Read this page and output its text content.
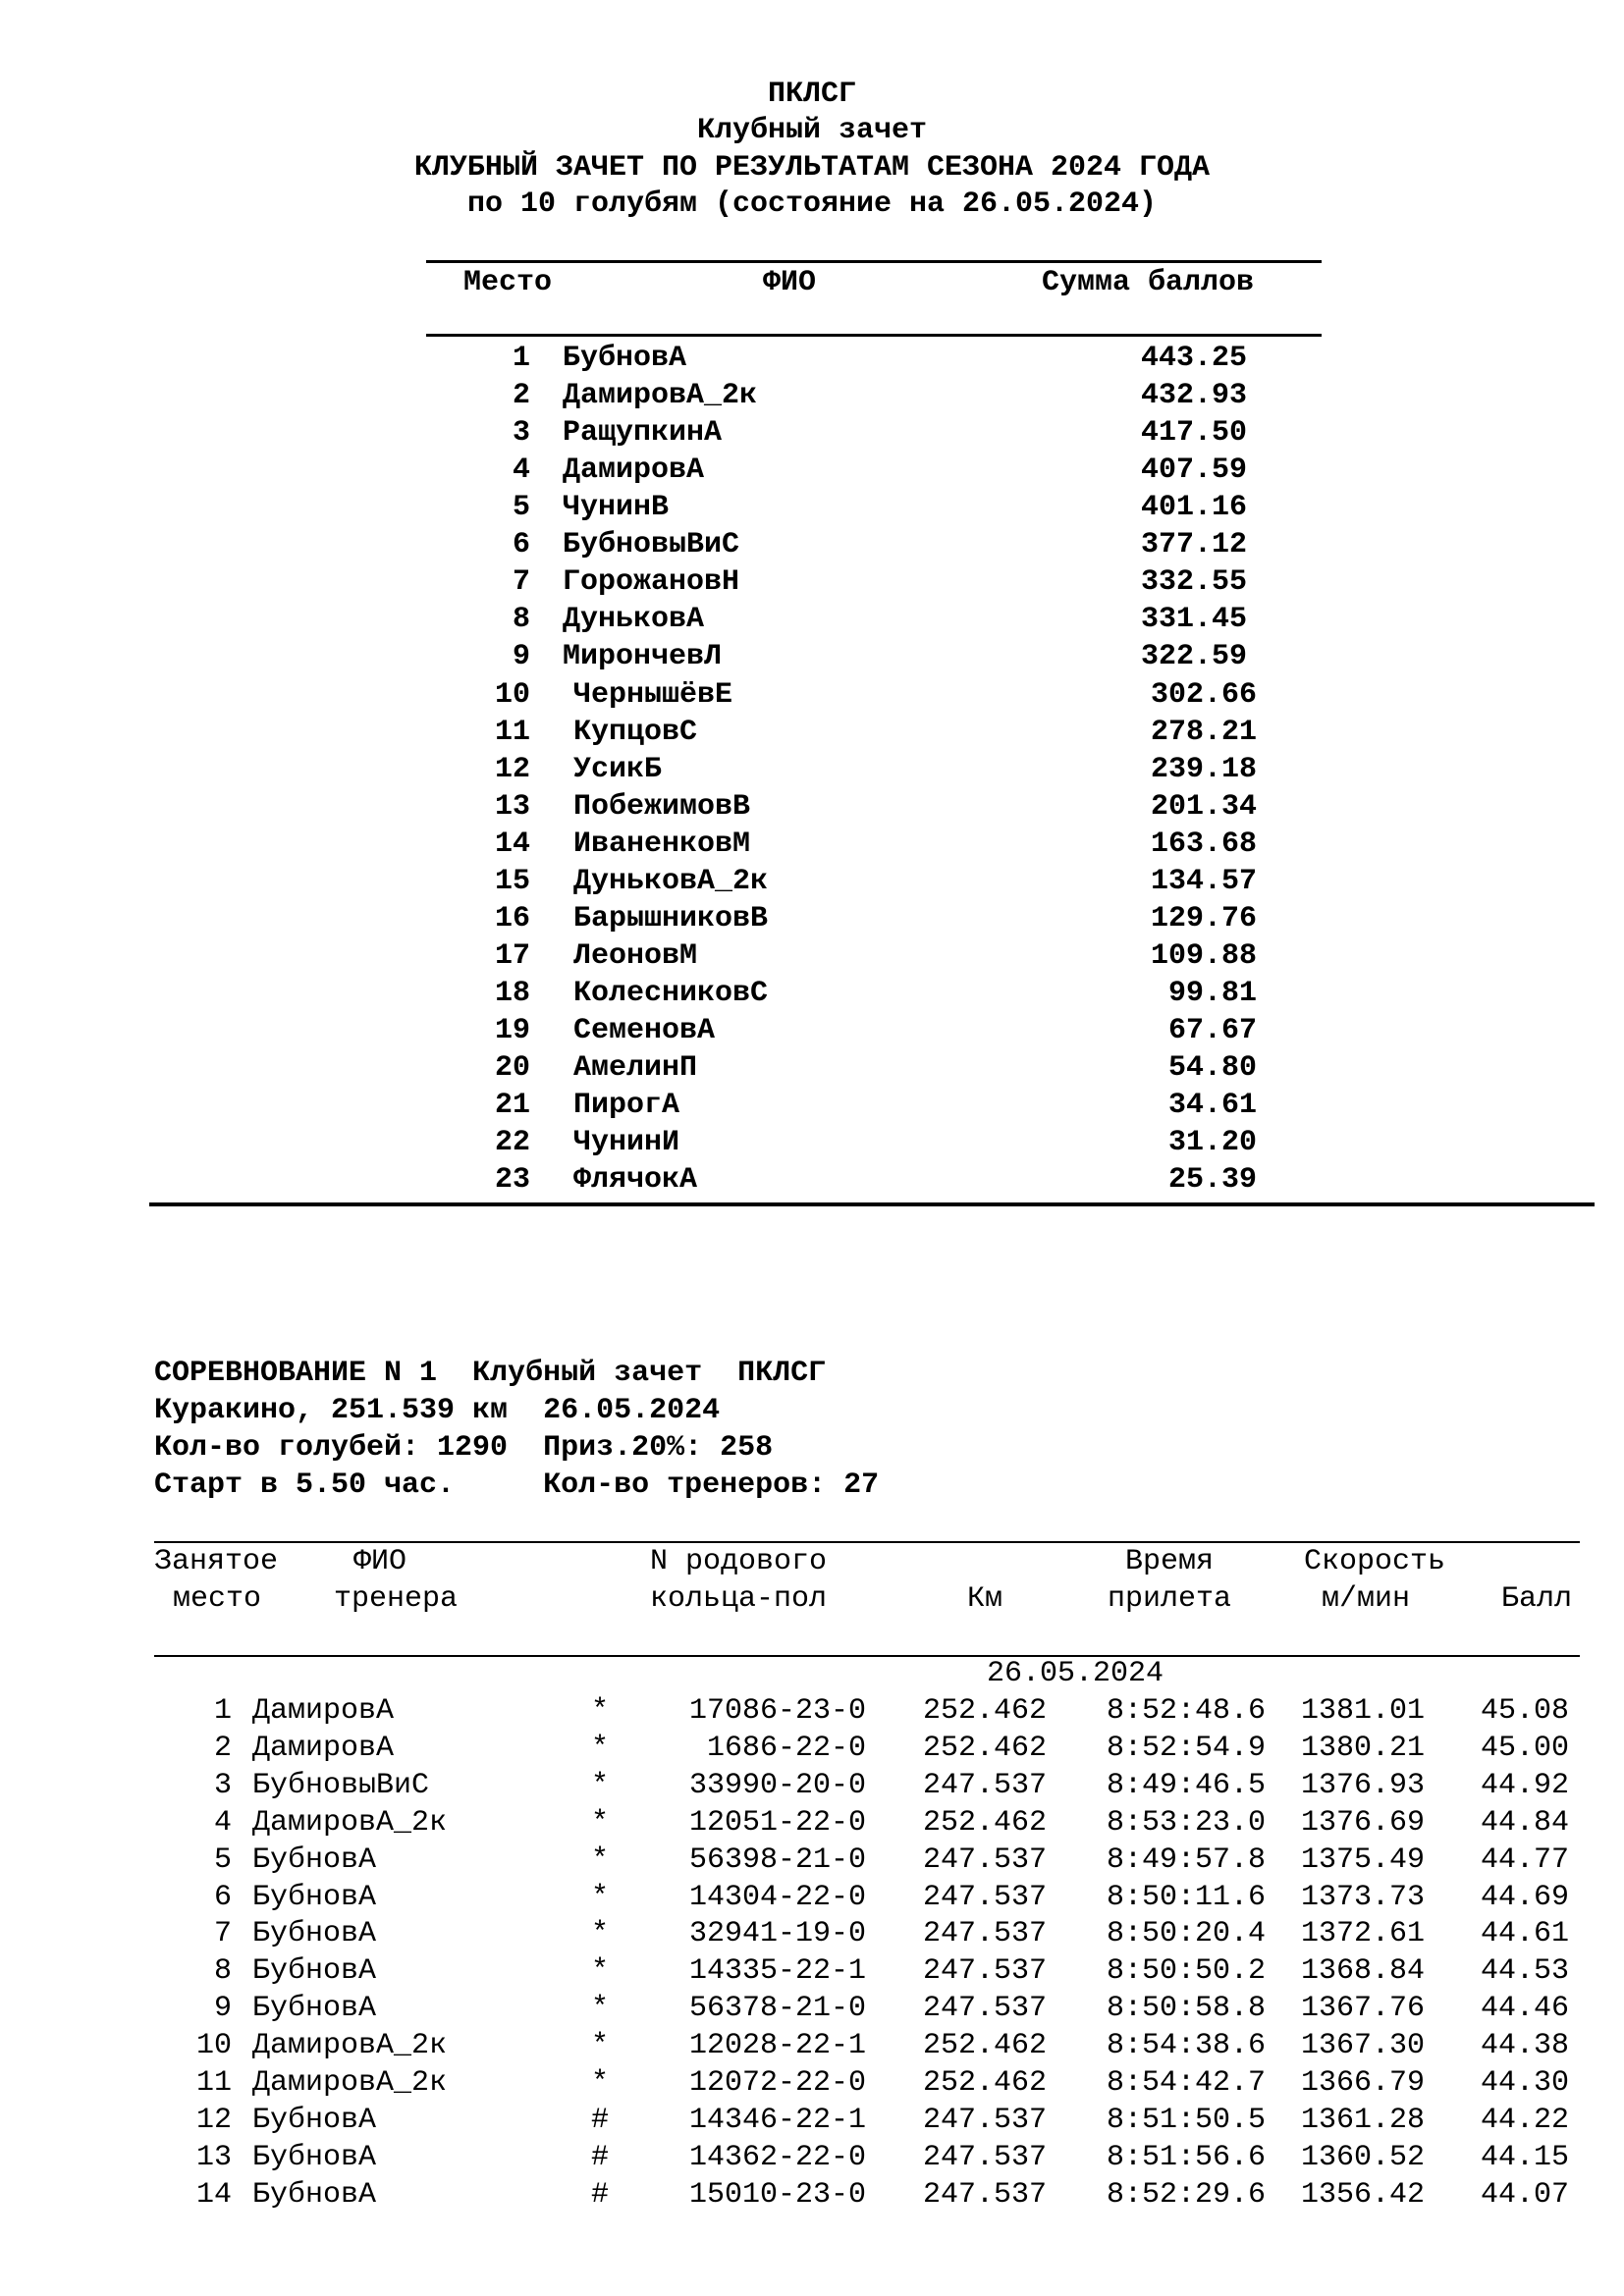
ПКЛСГ
Клубный зачет
КЛУБНЫЙ ЗАЧЕТ ПО РЕЗУЛЬТАТАМ СЕЗОНА 2024 ГОДА
по 10 голубям (состояние на 26.05.2024)
Место	ФИО	Сумма баллов
1 БубновА	443.25
2 ДамировА_2к	432.93
3 РащупкинА	417.50
4 ДамировА	407.59
5 ЧунинВ	401.16
6 БубновыВиС	377.12
7 ГорожановН	332.55
8 ДуньковА	331.45
9 МирончевЛ	322.59
10 ЧернышёвЕ	302.66
11 КупцовС	278.21
12 УсикБ	239.18
13 ПобежимовВ	201.34
14 ИваненковМ	163.68
15 ДуньковА_2к	134.57
16 БарышниковВ	129.76
17 ЛеоновМ	109.88
18 КолесниковС	99.81
19 СеменовА	67.67
20 АмелинП	54.80
21 ПирогА	34.61
22 ЧунинИ	31.20
23 ФлячокА	25.39
СОРЕВНОВАНИЕ N 1  Клубный зачет  ПКЛСГ
Куракино, 251.539 км  26.05.2024
Кол-во голубей: 1290  Приз.20%: 258
Старт в 5.50 час.     Кол-во тренеров: 27
Занятое
место
ФИО
тренера
N родового
кольца-пол	Км
Время
прилета
Скорость
м/мин	Балл
26.05.2024
1 ДамировА	*	17086-23-0 252.462 8:52:48.6 1381.01 45.08
2 ДамировА	*	1686-22-0 252.462 8:52:54.9 1380.21 45.00
3 БубновыВиС	*	33990-20-0 247.537 8:49:46.5 1376.93 44.92
4 ДамировА_2к	*	12051-22-0 252.462 8:53:23.0 1376.69 44.84
5 БубновА	*	56398-21-0 247.537 8:49:57.8 1375.49 44.77
6 БубновА	*	14304-22-0 247.537 8:50:11.6 1373.73 44.69
7 БубновА	*	32941-19-0 247.537 8:50:20.4 1372.61 44.61
8 БубновА	*	14335-22-1 247.537 8:50:50.2 1368.84 44.53
9 БубновА	*	56378-21-0 247.537 8:50:58.8 1367.76 44.46
10 ДамировА_2к	*	12028-22-1 252.462 8:54:38.6 1367.30 44.38
11 ДамировА_2к	*	12072-22-0 252.462 8:54:42.7 1366.79 44.30
12 БубновА	#	14346-22-1 247.537 8:51:50.5 1361.28 44.22
13 БубновА	#	14362-22-0 247.537 8:51:56.6 1360.52 44.15
14 БубновА	#	15010-23-0 247.537 8:52:29.6 1356.42 44.07
